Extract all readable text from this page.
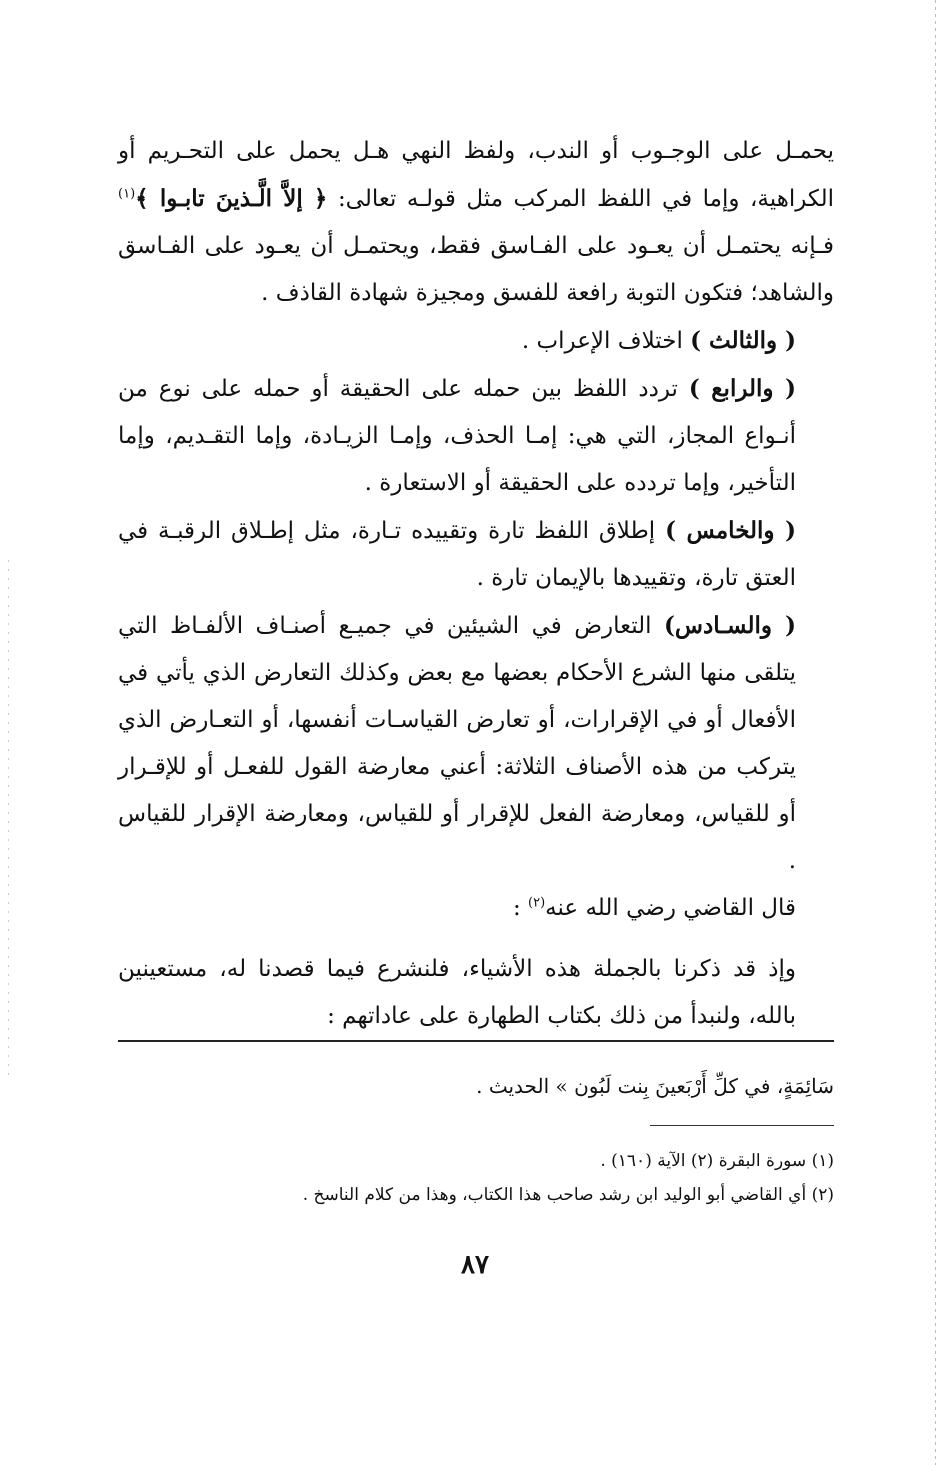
يحمـل على الوجـوب أو الندب، ولفظ النهي هـل يحمل على التحـريم أو الكراهية، وإما في اللفظ المركب مثل قولـه تعالى: ﴿ إلاَّ الَّـذينَ تابـوا ﴾$^{(١)}$ فـإنه يحتمـل أن يعـود على الفـاسق فقط، ويحتمـل أن يعـود على الفـاسق والشاهد؛ فتكون التوبة رافعة للفسق ومجيزة شهادة القاذف .

( والثالث ) اختلاف الإعراب .

( والرابع ) تردد اللفظ بين حمله على الحقيقة أو حمله على نوع من أنـواع المجاز، التي هي: إمـا الحذف، وإمـا الزيـادة، وإما التقـديم، وإما التأخير، وإما تردده على الحقيقة أو الاستعارة .

( والخامس ) إطلاق اللفظ تارة وتقييده تـارة، مثل إطـلاق الرقبـة في العتق تارة، وتقييدها بالإيمان تارة .

( والسـادس) التعارض في الشيئين في جميـع أصنـاف الألفـاظ التي يتلقى منها الشرع الأحكام بعضها مع بعض وكذلك التعارض الذي يأتي في الأفعال أو في الإقرارات، أو تعارض القياسـات أنفسها، أو التعـارض الذي يتركب من هذه الأصناف الثلاثة: أعني معارضة القول للفعـل أو للإقـرار أو للقياس، ومعارضة الفعل للإقرار أو للقياس، ومعارضة الإقرار للقياس .

قال القاضي رضي الله عنه$^{(٢)}$ :

وإذ قد ذكرنا بالجملة هذه الأشياء، فلنشرع فيما قصدنا له، مستعينين بالله، ولنبدأ من ذلك بكتاب الطهارة على عاداتهم :

سَائِمَةٍ، في كلِّ أَرْبَعينَ بِنت لَبُون » الحديث .

(١) سورة البقرة (٢) الآية (١٦٠) .

(٢) أي القاضي أبو الوليد ابن رشد صاحب هذا الكتاب، وهذا من كلام الناسخ .

٨٧
